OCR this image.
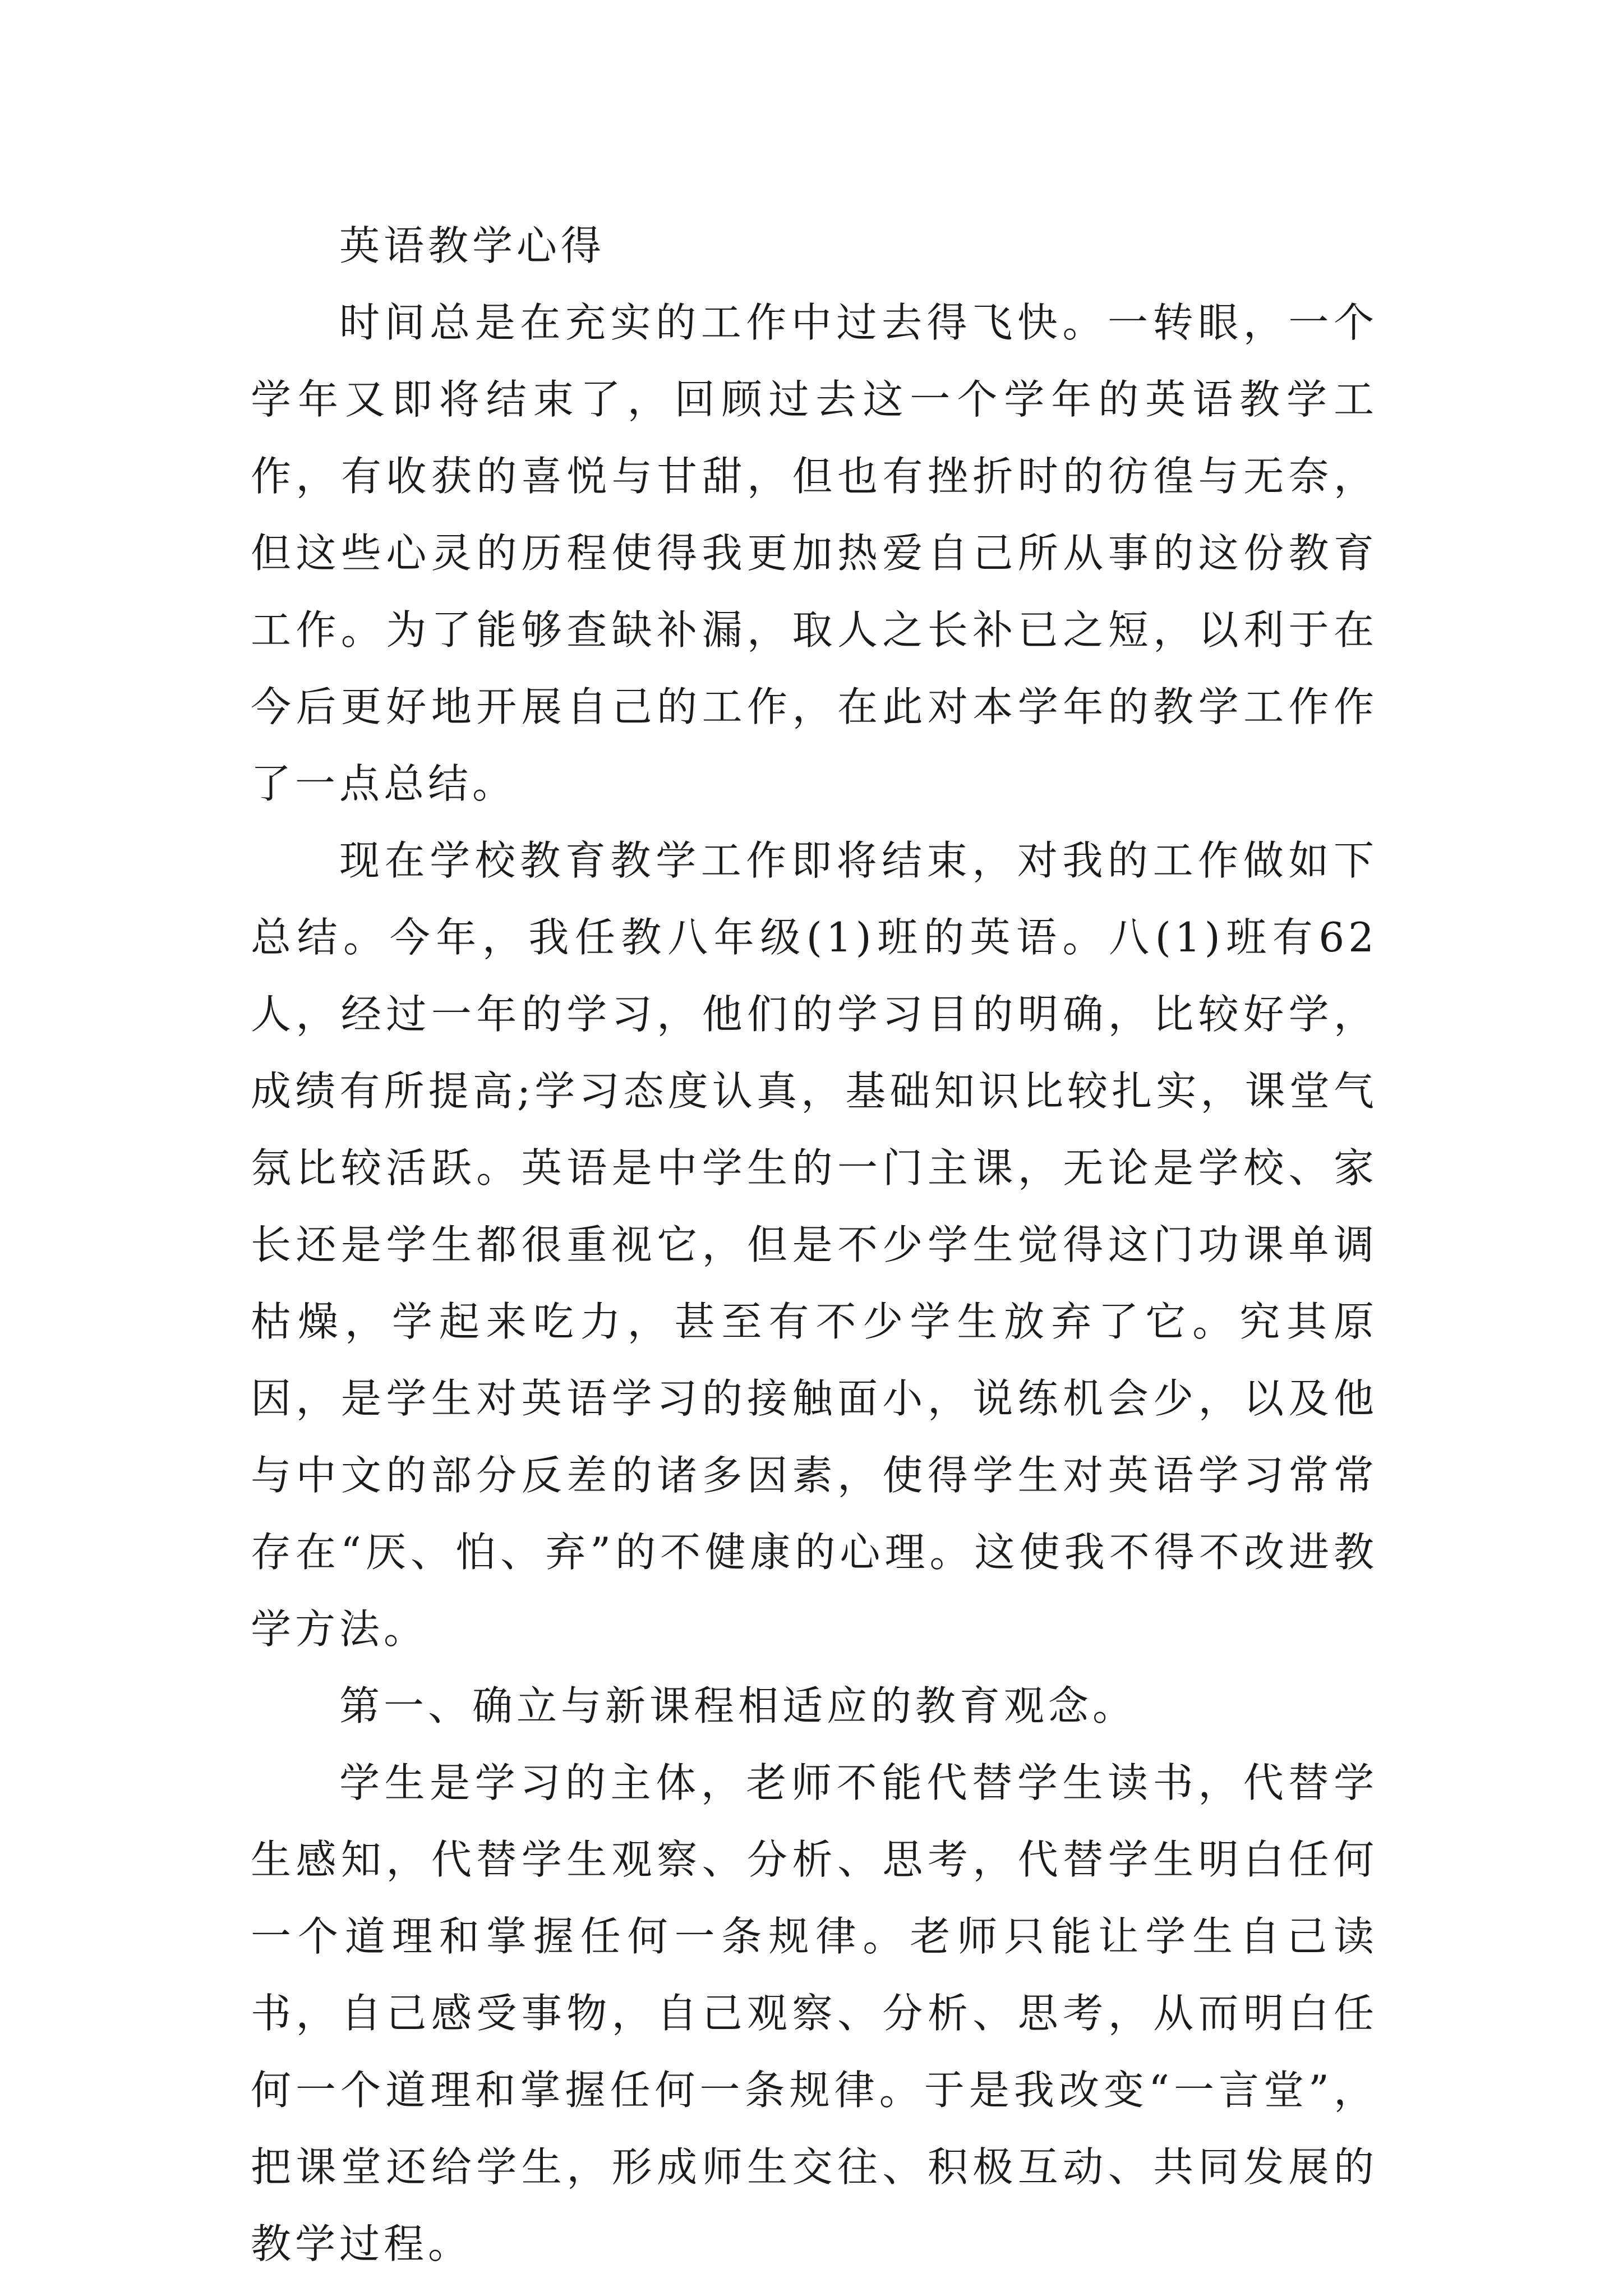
英语教学心得

时间总是在充实的工作中过去得飞快。一转眼，一个学年又即将结束了，回顾过去这一个学年的英语教学工作，有收获的喜悦与甘甜，但也有挫折时的彷徨与无奈，但这些心灵的历程使得我更加热爱自己所从事的这份教育工作。为了能够查缺补漏，取人之长补已之短，以利于在今后更好地开展自己的工作，在此对本学年的教学工作作了一点总结。

现在学校教育教学工作即将结束，对我的工作做如下总结。今年，我任教八年级(1)班的英语。八(1)班有62人，经过一年的学习，他们的学习目的明确，比较好学，成绩有所提高;学习态度认真，基础知识比较扎实，课堂气氛比较活跃。英语是中学生的一门主课，无论是学校、家长还是学生都很重视它，但是不少学生觉得这门功课单调枯燥，学起来吃力，甚至有不少学生放弃了它。究其原因，是学生对英语学习的接触面小，说练机会少，以及他与中文的部分反差的诸多因素，使得学生对英语学习常常存在“厌、怕、弃”的不健康的心理。这使我不得不改进教学方法。

第一、确立与新课程相适应的教育观念。

学生是学习的主体，老师不能代替学生读书，代替学生感知，代替学生观察、分析、思考，代替学生明白任何一个道理和掌握任何一条规律。老师只能让学生自己读书，自己感受事物，自己观察、分析、思考，从而明白任何一个道理和掌握任何一条规律。于是我改变“一言堂”，把课堂还给学生，形成师生交往、积极互动、共同发展的教学过程。
